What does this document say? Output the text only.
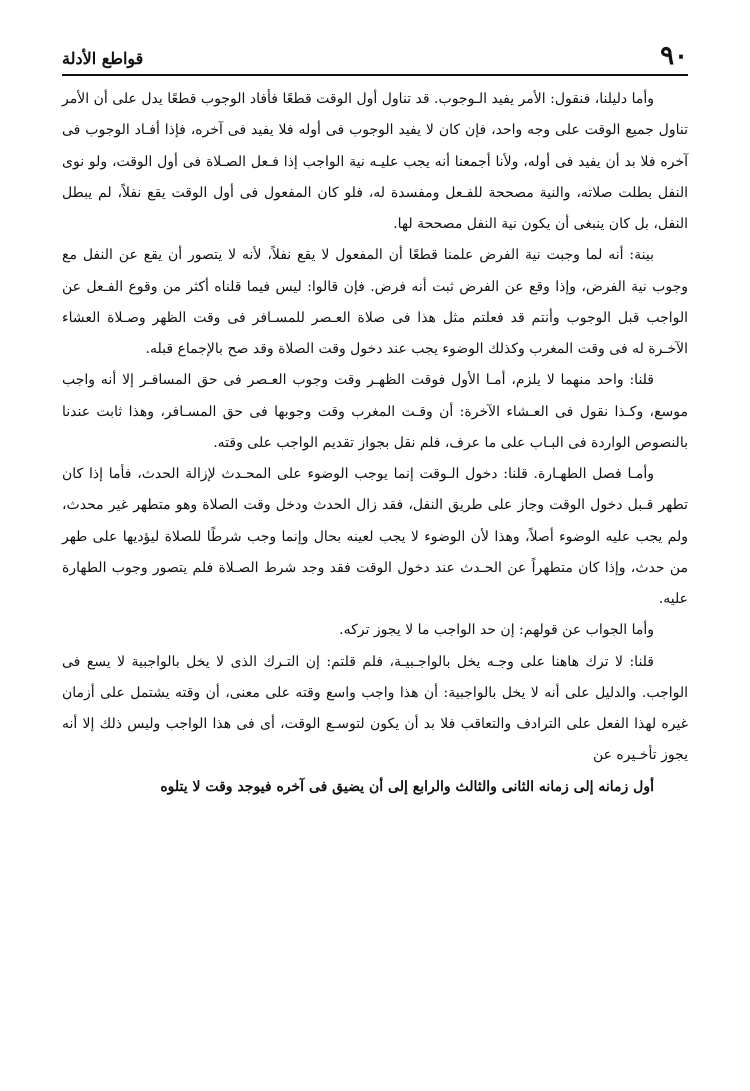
٩٠
قواطع الأدلة

وأما دليلنا، فنقول: الأمر يفيد الـوجوب. قد تناول أول الوقت قطعًا فأفاد الوجوب قطعًا يدل على أن الأمر تناول جميع الوقت على وجه واحد، فإن كان لا يفيد الوجوب فى أوله فلا يفيد فى آخره، فإذا أفـاد الوجوب فى آخره فلا بد أن يفيد فى أوله، ولأنا أجمعنا أنه يجب عليـه نية الواجب إذا فـعل الصـلاة فى أول الوقت، ولو نوى النفل بطلت صلاته، والنية مصححة للفـعل ومفسدة له، فلو كان المفعول فى أول الوقت يقع نفلاً، لم يبطل النفل، بل كان ينبغى أن يكون نية النفل مصححة لها.

بينة: أنه لما وجبت نية الفرض علمنا قطعًا أن المفعول لا يقع نفلاً، لأنه لا يتصور أن يقع عن النفل مع وجوب نية الفرض، وإذا وقع عن الفرض ثبت أنه فرض. فإن قالوا: ليس فيما قلناه أكثر من وقوع الفـعل عن الواجب قبل الوجوب وأنتم قد فعلتم مثل هذا فى صلاة العـصر للمسـافر فى وقت الظهر وصـلاة العشاء الآخـرة له فى وقت المغرب وكذلك الوضوء يجب عند دخول وقت الصلاة وقد صح بالإجماع قبله.

قلنا: واحد منهما لا يلزم، أمـا الأول فوقت الظهـر وقت وجوب العـصر فى حق المسافـر إلا أنه واجب موسع، وكـذا نقول فى العـشاء الآخرة: أن وقـت المغرب وقت وجوبها فى حق المسـافر، وهذا ثابت عندنا بالنصوص الواردة فى البـاب على ما عرف، فلم نقل بجواز تقديم الواجب على وقته.

وأمـا فصل الطهـارة. قلنا: دخول الـوقت إنما يوجب الوضوء على المحـدث لإزالة الحدث، فأما إذا كان تطهر قـبل دخول الوقت وجاز على طريق النفل، فقد زال الحدث ودخل وقت الصلاة وهو متطهر غير محدث، ولم يجب عليه الوضوء أصلاً، وهذا لأن الوضوء لا يجب لعينه بحال وإنما وجب شرطًا للصلاة ليؤديها على طهر من حدث، وإذا كان متطهراً عن الحـدث عند دخول الوقت فقد وجد شرط الصـلاة فلم يتصور وجوب الطهارة عليه.

وأما الجواب عن قولهم: إن حد الواجب ما لا يجوز تركه.

قلنا: لا ترك هاهنا على وجـه يخل بالواجـبيـة، فلم قلتم: إن التـرك الذى لا يخل بالواجبية لا يسع فى الواجب. والدليل على أنه لا يخل بالواجبية: أن هذا واجب واسع وقته على معنى، أن وقته يشتمل على أزمان غيره لهذا الفعل على الترادف والتعاقب فلا بد أن يكون لتوسـع الوقت، أى فى هذا الواجب وليس ذلك إلا أنه يجوز تأخـيره عن

أول زمانه إلى زمانه الثانى والثالث والرابع إلى أن يضيق فى آخره فيوجد وقت لا يتلوه
